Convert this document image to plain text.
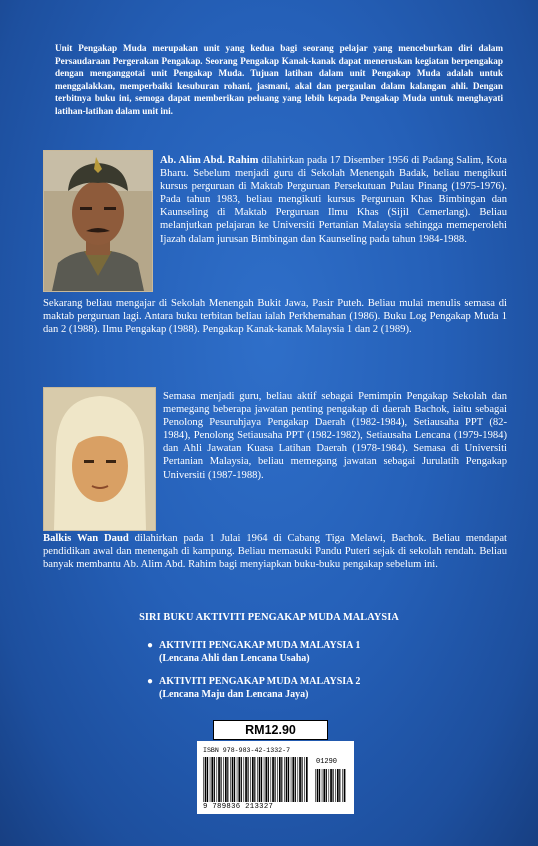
Unit Pengakap Muda merupakan unit yang kedua bagi seorang pelajar yang menceburkan diri dalam Persaudaraan Pergerakan Pengakap. Seorang Pengakap Kanak-kanak dapat meneruskan kegiatan berpengakap dengan menganggotai unit Pengakap Muda. Tujuan latihan dalam unit Pengakap Muda adalah untuk menggalakkan, memperbaiki kesuburan rohani, jasmani, akal dan pergaulan dalam kalangan ahli. Dengan terbitnya buku ini, semoga dapat memberikan peluang yang lebih kepada Pengakap Muda untuk menghayati latihan-latihan dalam unit ini.
Ab. Alim Abd. Rahim dilahirkan pada 17 Disember 1956 di Padang Salim, Kota Bharu. Sebelum menjadi guru di Sekolah Menengah Badak, beliau mengikuti kursus perguruan di Maktab Perguruan Persekutuan Pulau Pinang (1975-1976). Pada tahun 1983, beliau mengikuti kursus Perguruan Khas Bimbingan dan Kaunseling di Maktab Perguruan Ilmu Khas (Sijil Cemerlang). Beliau melanjutkan pelajaran ke Universiti Pertanian Malaysia sehingga memeperolehi Ijazah dalam jurusan Bimbingan dan Kaunseling pada tahun 1984-1988.
Sekarang beliau mengajar di Sekolah Menengah Bukit Jawa, Pasir Puteh. Beliau mulai menulis semasa di maktab perguruan lagi. Antara buku terbitan beliau ialah Perkhemahan (1986). Buku Log Pengakap Muda 1 dan 2 (1988). Ilmu Pengakap (1988). Pengakap Kanak-kanak Malaysia 1 dan 2 (1989).
Semasa menjadi guru, beliau aktif sebagai Pemimpin Pengakap Sekolah dan memegang beberapa jawatan penting pengakap di daerah Bachok, iaitu sebagai Penolong Pesuruhjaya Pengakap Daerah (1982-1984), Setiausaha PPT (82-1984), Penolong Setiausaha PPT (1982-1982), Setiausaha Lencana (1979-1984) dan Ahli Jawatan Kuasa Latihan Daerah (1978-1984). Semasa di Universiti Pertanian Malaysia, beliau memegang jawatan sebagai Jurulatih Pengakap Universiti (1987-1988).
Balkis Wan Daud dilahirkan pada 1 Julai 1964 di Cabang Tiga Melawi, Bachok. Beliau mendapat pendidikan awal dan menengah di kampung. Beliau memasuki Pandu Puteri sejak di sekolah rendah. Beliau banyak membantu Ab. Alim Abd. Rahim bagi menyiapkan buku-buku pengakap sebelum ini.
SIRI BUKU AKTIVITI PENGAKAP MUDA MALAYSIA
● AKTIVITI PENGAKAP MUDA MALAYSIA 1
(Lencana Ahli dan Lencana Usaha)
● AKTIVITI PENGAKAP MUDA MALAYSIA 2
(Lencana Maju dan Lencana Jaya)
RM12.90
ISBN 978-983-42-1332-7
01290
9 789836 213327
